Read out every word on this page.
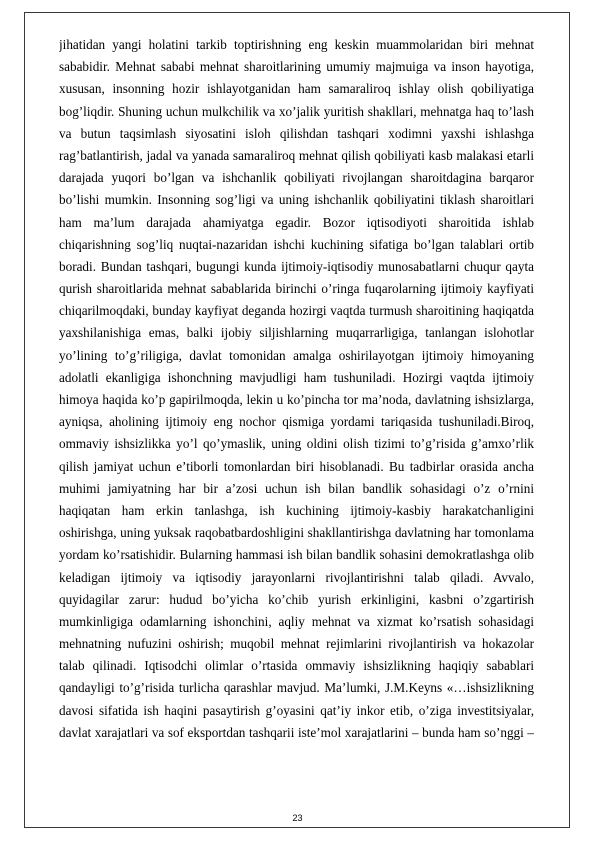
jihatidan yangi holatini tarkib toptirishning eng keskin muammolaridan biri mehnat
sababidir. Mehnat sababi mehnat sharoitlarining umumiy majmuiga va inson hayotiga,
xususan, insonning hozir ishlayotganidan ham samaraliroq ishlay olish qobiliyatiga
bog’liqdir. Shuning uchun mulkchilik va xo’jalik yuritish shakllari, mehnatga haq to’lash
va butun taqsimlash siyosatini isloh qilishdan tashqari xodimni yaxshi ishlashga
rag’batlantirish, jadal va yanada samaraliroq mehnat qilish qobiliyati kasb malakasi etarli
darajada yuqori bo’lgan va ishchanlik qobiliyati rivojlangan sharoitdagina barqaror
bo’lishi mumkin. Insonning sog’ligi va uning ishchanlik qobiliyatini tiklash sharoitlari
ham ma’lum darajada ahamiyatga egadir. Bozor iqtisodiyoti sharoitida ishlab
chiqarishning sog’liq nuqtai-nazaridan ishchi kuchining sifatiga bo’lgan talablari ortib
boradi. Bundan tashqari, bugungi kunda ijtimoiy-iqtisodiy munosabatlarni chuqur qayta
qurish sharoitlarida mehnat sabablarida birinchi o’ringa fuqarolarning ijtimoiy kayfiyati
chiqarilmoqdaki, bunday kayfiyat deganda hozirgi vaqtda turmush sharoitining haqiqatda
yaxshilanishiga emas, balki ijobiy siljishlarning muqarrarligiga, tanlangan islohotlar
yo’lining to’g’riligiga, davlat tomonidan amalga oshirilayotgan ijtimoiy himoyaning
adolatli ekanligiga ishonchning mavjudligi ham tushuniladi. Hozirgi vaqtda ijtimoiy
himoya haqida ko’p gapirilmoqda, lekin u ko’pincha tor ma’noda, davlatning ishsizlarga,
ayniqsa, aholining ijtimoiy eng nochor qismiga yordami tariqasida tushuniladi.Biroq,
ommaviy ishsizlikka yo’l qo’ymaslik, uning oldini olish tizimi to’g’risida g’amxo’rlik
qilish jamiyat uchun e’tiborli tomonlardan biri hisoblanadi. Bu tadbirlar orasida ancha
muhimi jamiyatning har bir a’zosi uchun ish bilan bandlik sohasidagi o’z o’rnini
haqiqatan ham erkin tanlashga, ish kuchining ijtimoiy-kasbiy harakatchanligini
oshirishga, uning yuksak raqobatbardoshligini shakllantirishga davlatning har tomonlama
yordam ko’rsatishidir. Bularning hammasi ish bilan bandlik sohasini demokratlashga olib
keladigan ijtimoiy va iqtisodiy jarayonlarni rivojlantirishni talab qiladi. Avvalo,
quyidagilar zarur: hudud bo’yicha ko’chib yurish erkinligini, kasbni o’zgartirish
mumkinligiga odamlarning ishonchini, aqliy mehnat va xizmat ko’rsatish sohasidagi
mehnatning nufuzini oshirish; muqobil mehnat rejimlarini rivojlantirish va hokazolar
talab qilinadi. Iqtisodchi olimlar o’rtasida ommaviy ishsizlikning haqiqiy sabablari
qandayligi to’g’risida turlicha qarashlar mavjud. Ma’lumki, J.M.Keyns «…ishsizlikning
davosi sifatida ish haqini pasaytirish g’oyasini qat’iy inkor etib, o’ziga investitsiyalar,
davlat xarajatlari va sof eksportdan tashqarii iste’mol xarajatlarini – bunda ham so’nggi –
23
